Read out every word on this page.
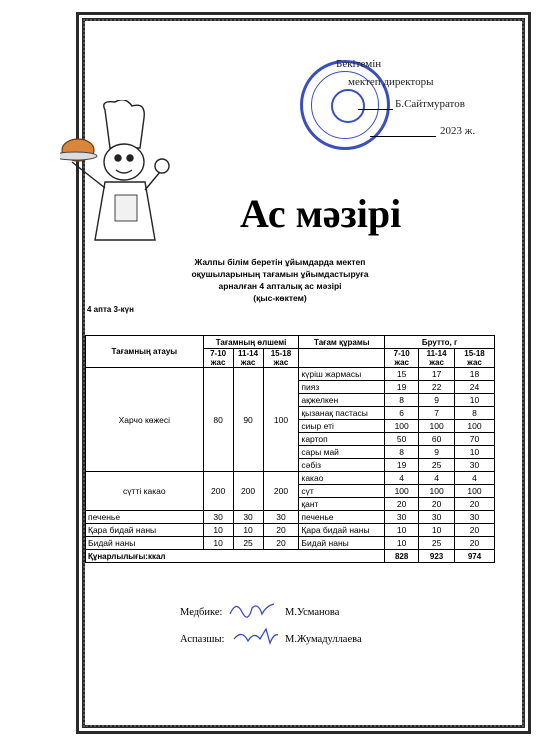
Бекітемін
мектеп директоры
Б.Сайтмуратов
2023 ж.
Ас мәзірі
Жалпы білім беретін ұйымдарда мектеп
оқушыларының тағамын ұйымдастыруға
арналған 4 апталық ас мәзірі
(қыс-көктем)
4 апта 3-күн
Тағамның атауы	Тағамның өлшемі			Тағам құрамы	Брутто, г		
	7-10 жас	11-14 жас	15-18 жас		7-10 жас	11-14 жас	15-18 жас
Харчо көжесі	80	90	100	күріш жармасы	15	17	18
				пияз	19	22	24
				ақжелкен	8	9	10
				қызанақ пастасы	6	7	8
				сиыр еті	100	100	100
				картоп	50	60	70
				сары май	8	9	10
				сәбіз	19	25	30
сүтті какао	200	200	200	какао	4	4	4
				сүт	100	100	100
				қант	20	20	20
печенье	30	30	30	печенье	30	30	30
Қара бидай наны	10	10	20	Қара бидай наны	10	10	20
Бидай наны	10	25	20	Бидай наны	10	25	20
Құнарлылығы:ккал					828	923	974
Медбике:	М.Усманова
Аспазшы:	М.Жумадуллаева
